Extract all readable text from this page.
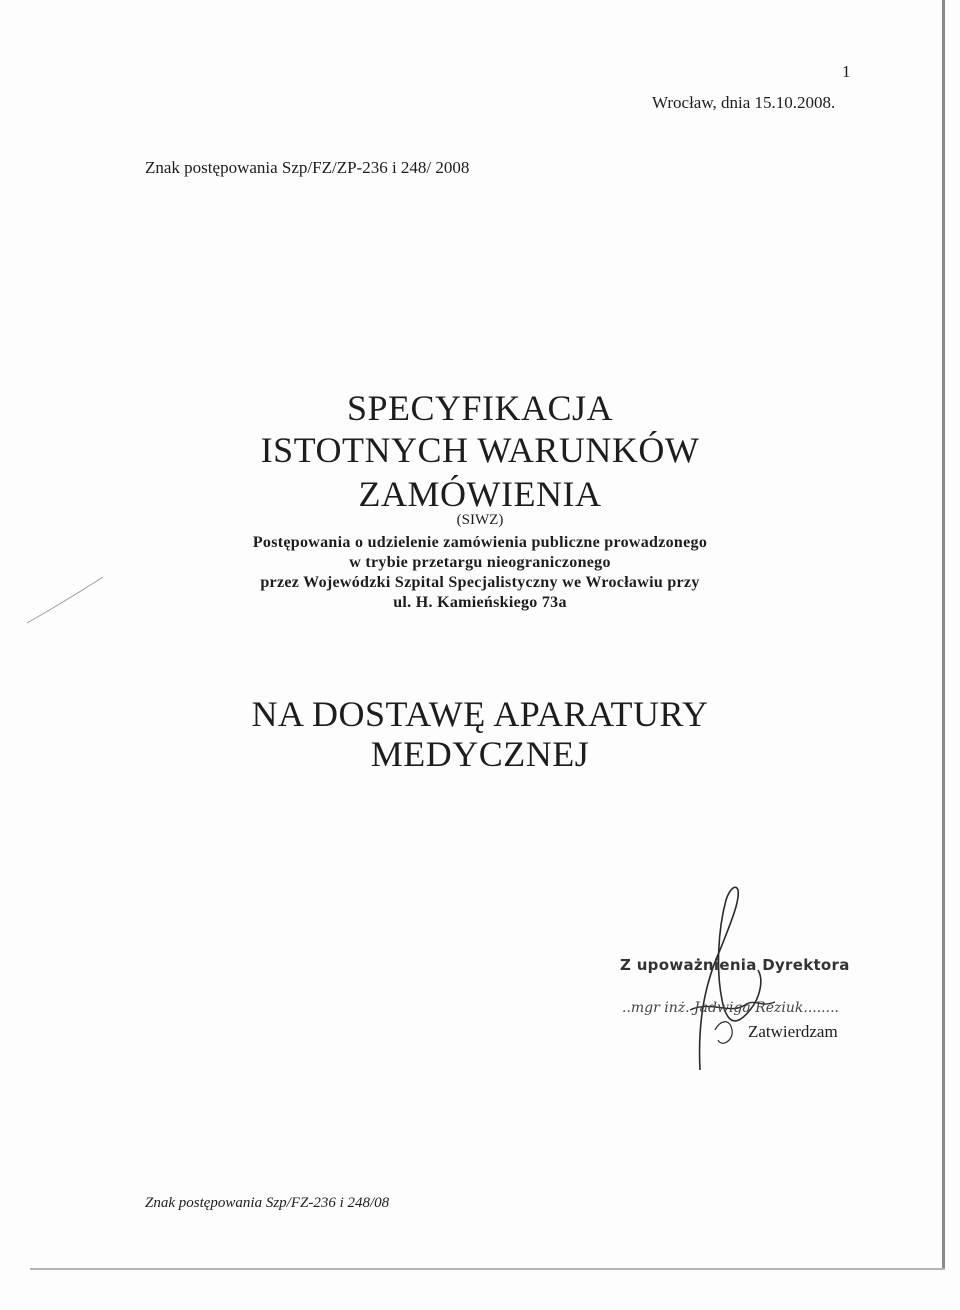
1
Wrocław, dnia 15.10.2008.
Znak postępowania Szp/FZ/ZP-236 i 248/ 2008
SPECYFIKACJA
ISTOTNYCH WARUNKÓW
ZAMÓWIENIA
(SIWZ)
Postępowania o udzielenie zamówienia publiczne prowadzonego
w trybie przetargu nieograniczonego
przez Wojewódzki Szpital Specjalistyczny we Wrocławiu przy
ul. H. Kamieńskiego 73a
NA DOSTAWĘ APARATURY
MEDYCZNEJ
Z upoważnienia Dyrektora
..mgr inż. Jadwiga Reziuk........
Zatwierdzam
Znak postępowania Szp/FZ-236 i 248/08
